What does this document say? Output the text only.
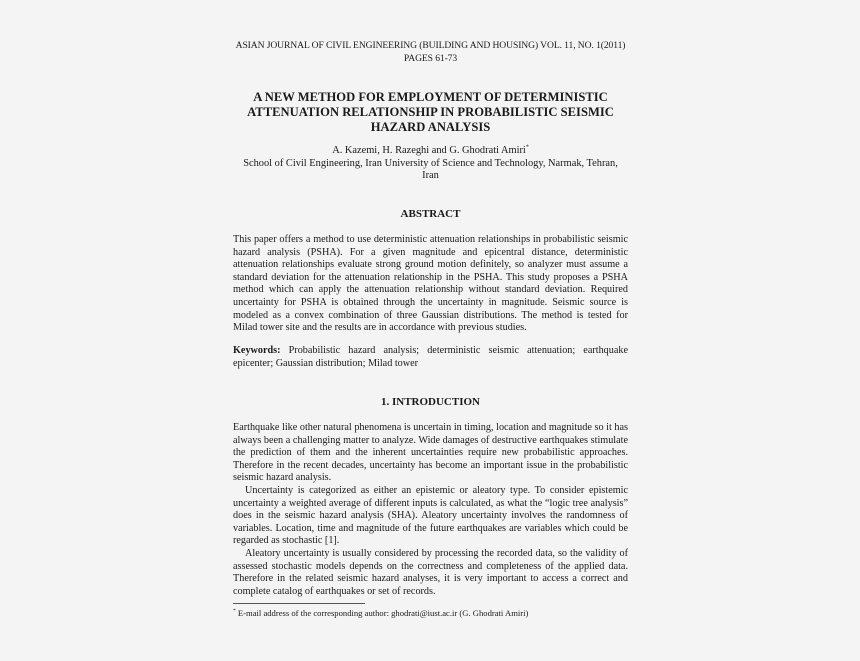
ASIAN JOURNAL OF CIVIL ENGINEERING (BUILDING AND HOUSING) VOL. 11, NO. 1(2011)
PAGES 61-73
A NEW METHOD FOR EMPLOYMENT OF DETERMINISTIC
ATTENUATION RELATIONSHIP IN PROBABILISTIC SEISMIC
HAZARD ANALYSIS
A. Kazemi, H. Razeghi and G. Ghodrati Amiri*
School of Civil Engineering, Iran University of Science and Technology, Narmak, Tehran,
Iran
ABSTRACT
This paper offers a method to use deterministic attenuation relationships in probabilistic seismic hazard analysis (PSHA). For a given magnitude and epicentral distance, deterministic attenuation relationships evaluate strong ground motion definitely, so analyzer must assume a standard deviation for the attenuation relationship in the PSHA. This study proposes a PSHA method which can apply the attenuation relationship without standard deviation. Required uncertainty for PSHA is obtained through the uncertainty in magnitude. Seismic source is modeled as a convex combination of three Gaussian distributions. The method is tested for Milad tower site and the results are in accordance with previous studies.
Keywords: Probabilistic hazard analysis; deterministic seismic attenuation; earthquake epicenter; Gaussian distribution; Milad tower
1. INTRODUCTION

Earthquake like other natural phenomena is uncertain in timing, location and magnitude so it has always been a challenging matter to analyze. Wide damages of destructive earthquakes stimulate the prediction of them and the inherent uncertainties require new probabilistic approaches. Therefore in the recent decades, uncertainty has become an important issue in the probabilistic seismic hazard analysis.

Uncertainty is categorized as either an epistemic or aleatory type. To consider epistemic uncertainty a weighted average of different inputs is calculated, as what the “logic tree analysis” does in the seismic hazard analysis (SHA). Aleatory uncertainty involves the randomness of variables. Location, time and magnitude of the future earthquakes are variables which could be regarded as stochastic [1].

Aleatory uncertainty is usually considered by processing the recorded data, so the validity of assessed stochastic models depends on the correctness and completeness of the applied data. Therefore in the related seismic hazard analyses, it is very important to access a correct and complete catalog of earthquakes or set of records.

* E-mail address of the corresponding author: ghodrati@iust.ac.ir (G. Ghodrati Amiri)
